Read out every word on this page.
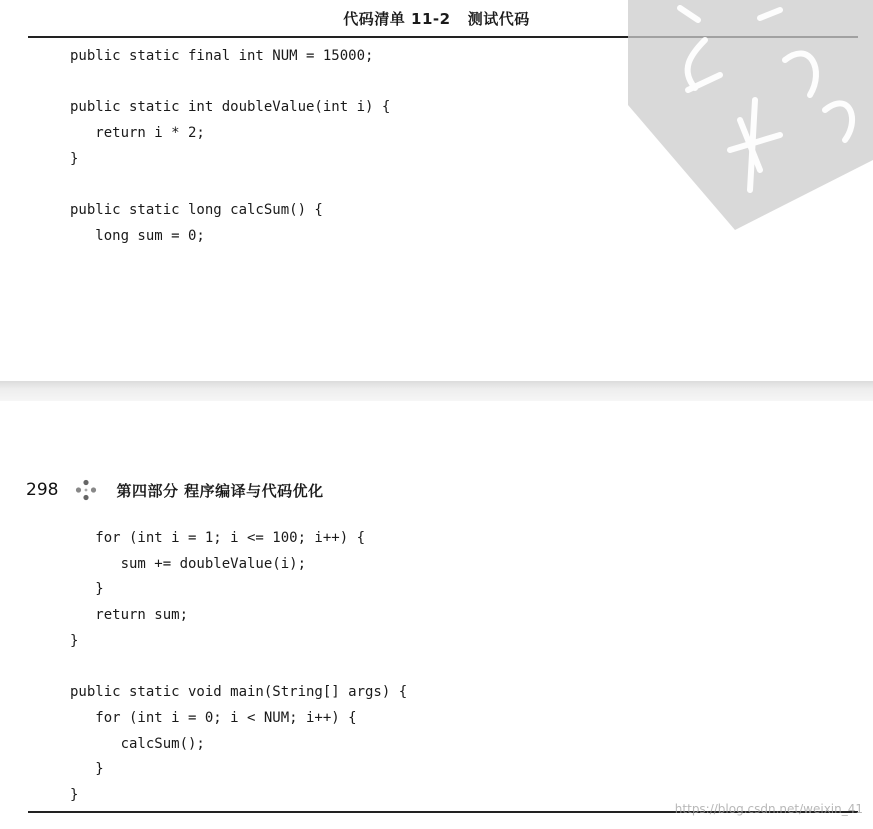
代码清单 11-2   测试代码
public static final int NUM = 15000;

public static int doubleValue(int i) {
return i * 2;
}

public static long calcSum() {
long sum = 0;
298	第四部分 程序编译与代码优化
for (int i = 1; i <= 100; i++) {
sum += doubleValue(i);
}
return sum;
}

public static void main(String[] args) {
for (int i = 0; i < NUM; i++) {
calcSum();
}
}
https://blog.csdn.net/weixin_41
